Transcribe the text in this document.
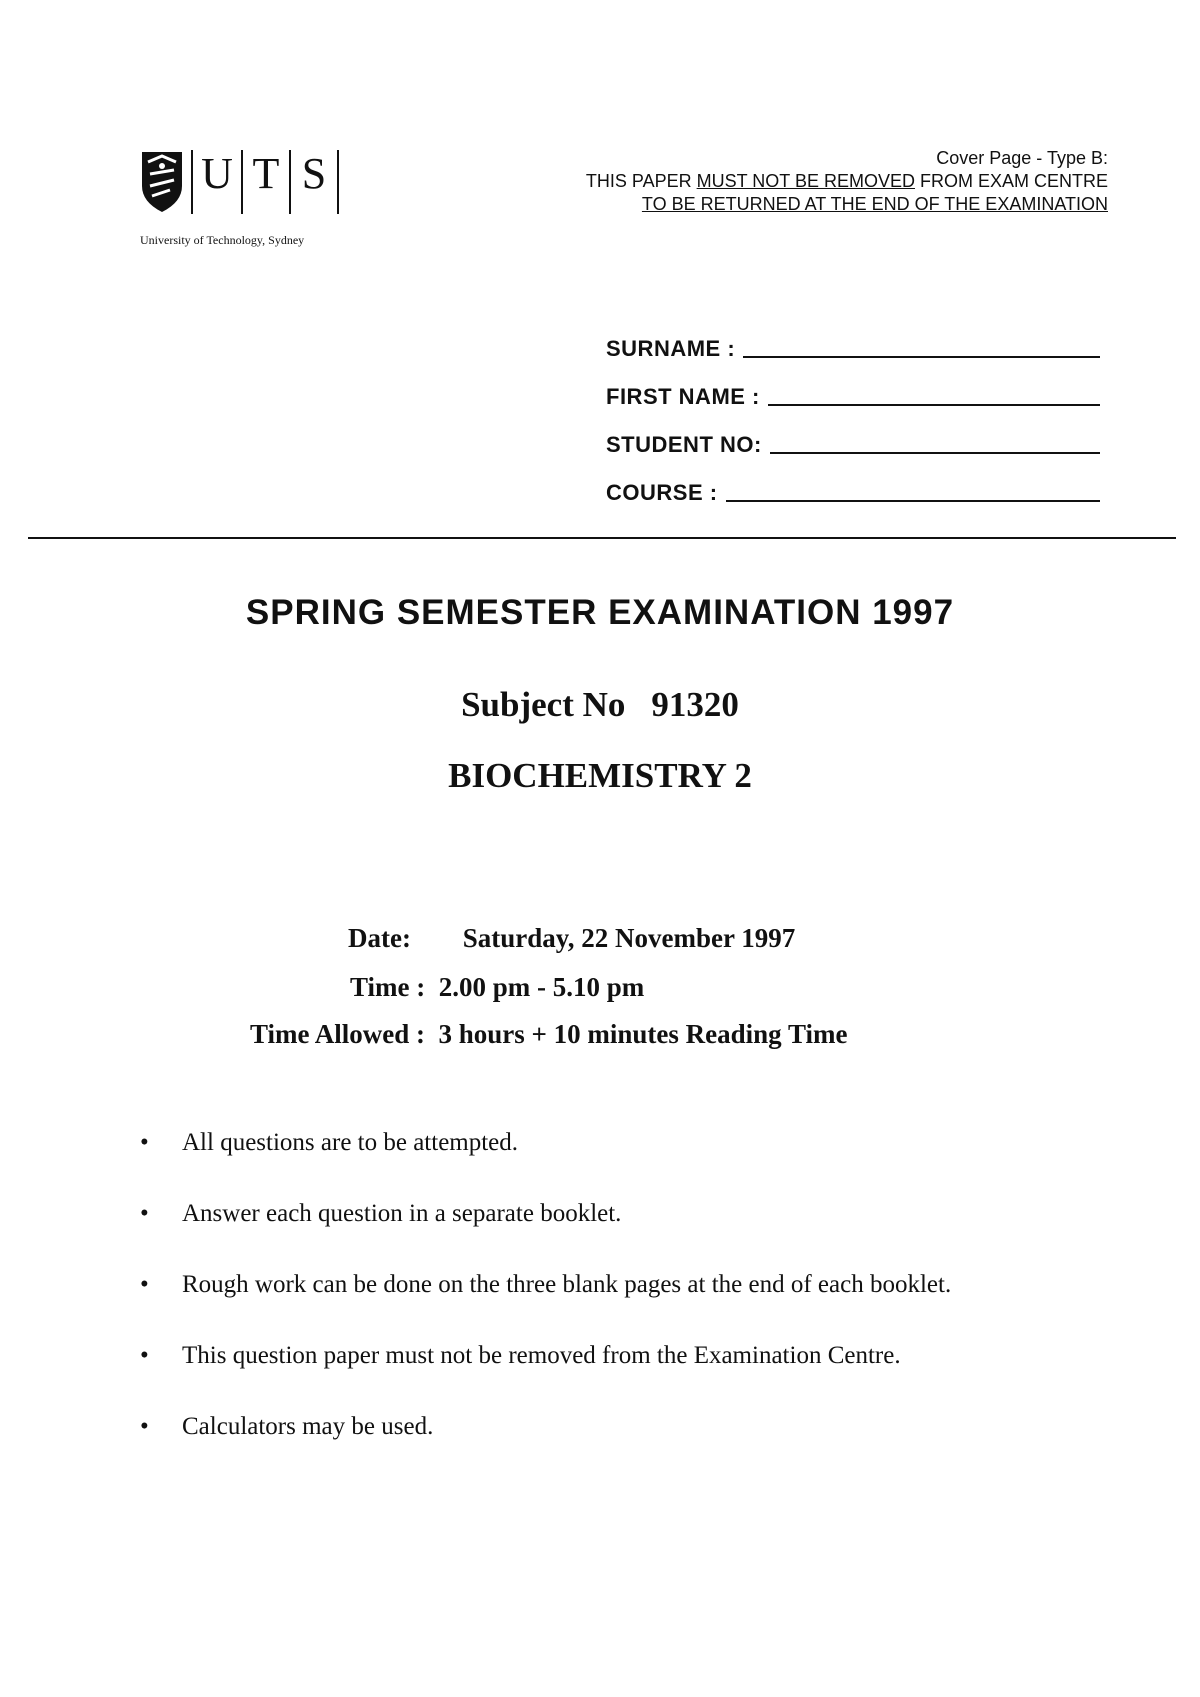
U T S
University of Technology, Sydney
Cover Page - Type B:
THIS PAPER MUST NOT BE REMOVED FROM EXAM CENTRE
TO BE RETURNED AT THE END OF THE EXAMINATION
SURNAME :
FIRST NAME :
STUDENT NO:
COURSE :
SPRING SEMESTER EXAMINATION 1997
Subject No 91320
BIOCHEMISTRY 2
Date: Saturday, 22 November 1997
Time : 2.00 pm - 5.10 pm
Time Allowed : 3 hours + 10 minutes Reading Time
•	All questions are to be attempted.
•	Answer each question in a separate booklet.
•	Rough work can be done on the three blank pages at the end of each booklet.
•	This question paper must not be removed from the Examination Centre.
•	Calculators may be used.
